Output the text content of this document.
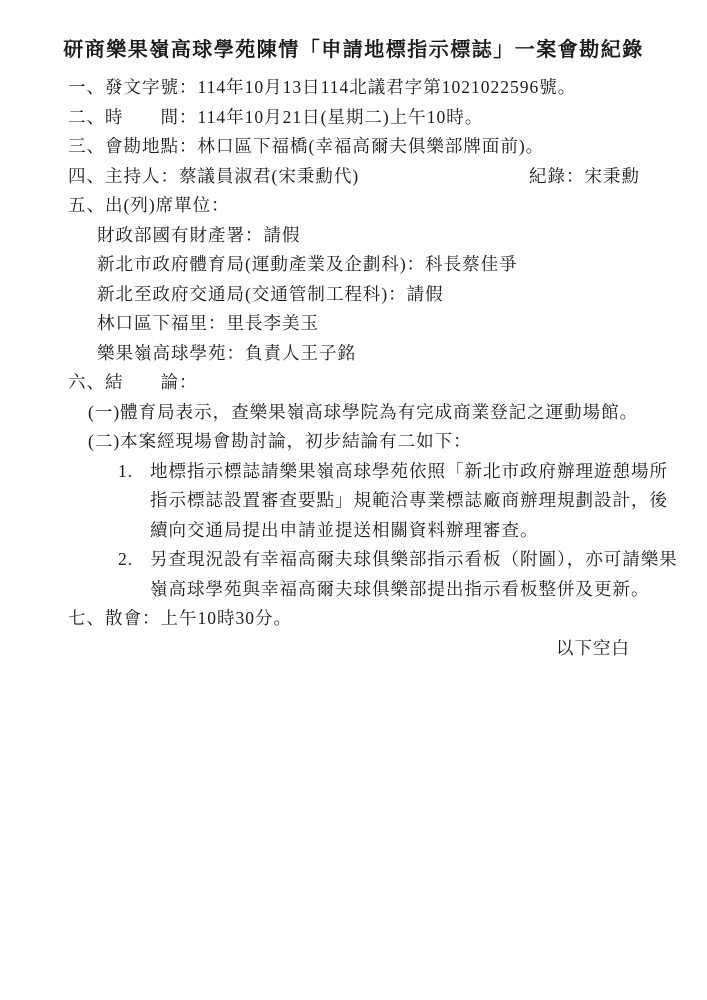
研商樂果嶺高球學苑陳情「申請地標指示標誌」一案會勘紀錄
一、發文字號：114年10月13日114北議君字第1021022596號。
二、時　　間：114年10月21日(星期二)上午10時。
三、會勘地點：林口區下福橋(幸福高爾夫俱樂部牌面前)。
四、主持人：蔡議員淑君(宋秉勳代)	紀錄：宋秉勳
五、出(列)席單位：
財政部國有財產署：請假
新北市政府體育局(運動產業及企劃科)：科長蔡佳爭
新北至政府交通局(交通管制工程科)：請假
林口區下福里：里長李美玉
樂果嶺高球學苑：負責人王子銘
六、結　　論：
(一)體育局表示，查樂果嶺高球學院為有完成商業登記之運動場館。
(二)本案經現場會勘討論，初步結論有二如下：
1. 地標指示標誌請樂果嶺高球學苑依照「新北市政府辦理遊憩場所
指示標誌設置審查要點」規範洽專業標誌廠商辦理規劃設計，後
續向交通局提出申請並提送相關資料辦理審查。
2. 另查現況設有幸福高爾夫球俱樂部指示看板（附圖），亦可請樂果
嶺高球學苑與幸福高爾夫球俱樂部提出指示看板整併及更新。
七、散會：上午10時30分。
以下空白
